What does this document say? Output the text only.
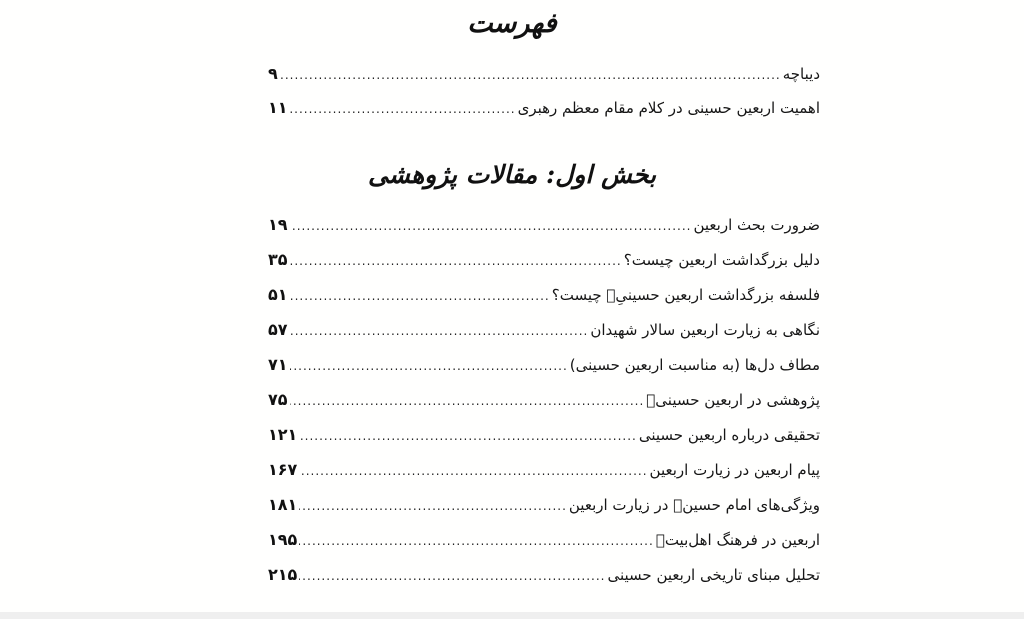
فهرست
دیباچه
.....
۹
اهمیت اربعین حسینی در کلام مقام معظم رهبری
.....
۱۱
بخش اول: مقالات پژوهشی
ضرورت بحث اربعین
.....
۱۹
دلیل بزرگداشت اربعین چیست؟
.....
۳۵
فلسفه بزرگداشت اربعین حسینیِؑ چیست؟
.....
۵۱
نگاهی به زیارت اربعین سالار شهیدان
.....
۵۷
مطاف دل‌ها (به مناسبت اربعین حسینی)
.....
۷۱
پژوهشی در اربعین حسینیؑ
.....
۷۵
تحقیقی درباره اربعین حسینی
.....
۱۲۱
پیام اربعین در زیارت اربعین
.....
۱۶۷
ویژگی‌های امام حسینؑ در زیارت اربعین
.....
۱۸۱
اربعین در فرهنگ اهل‌بیتؑ
.....
۱۹۵
تحلیل مبنای تاریخی اربعین حسینی
.....
۲۱۵
